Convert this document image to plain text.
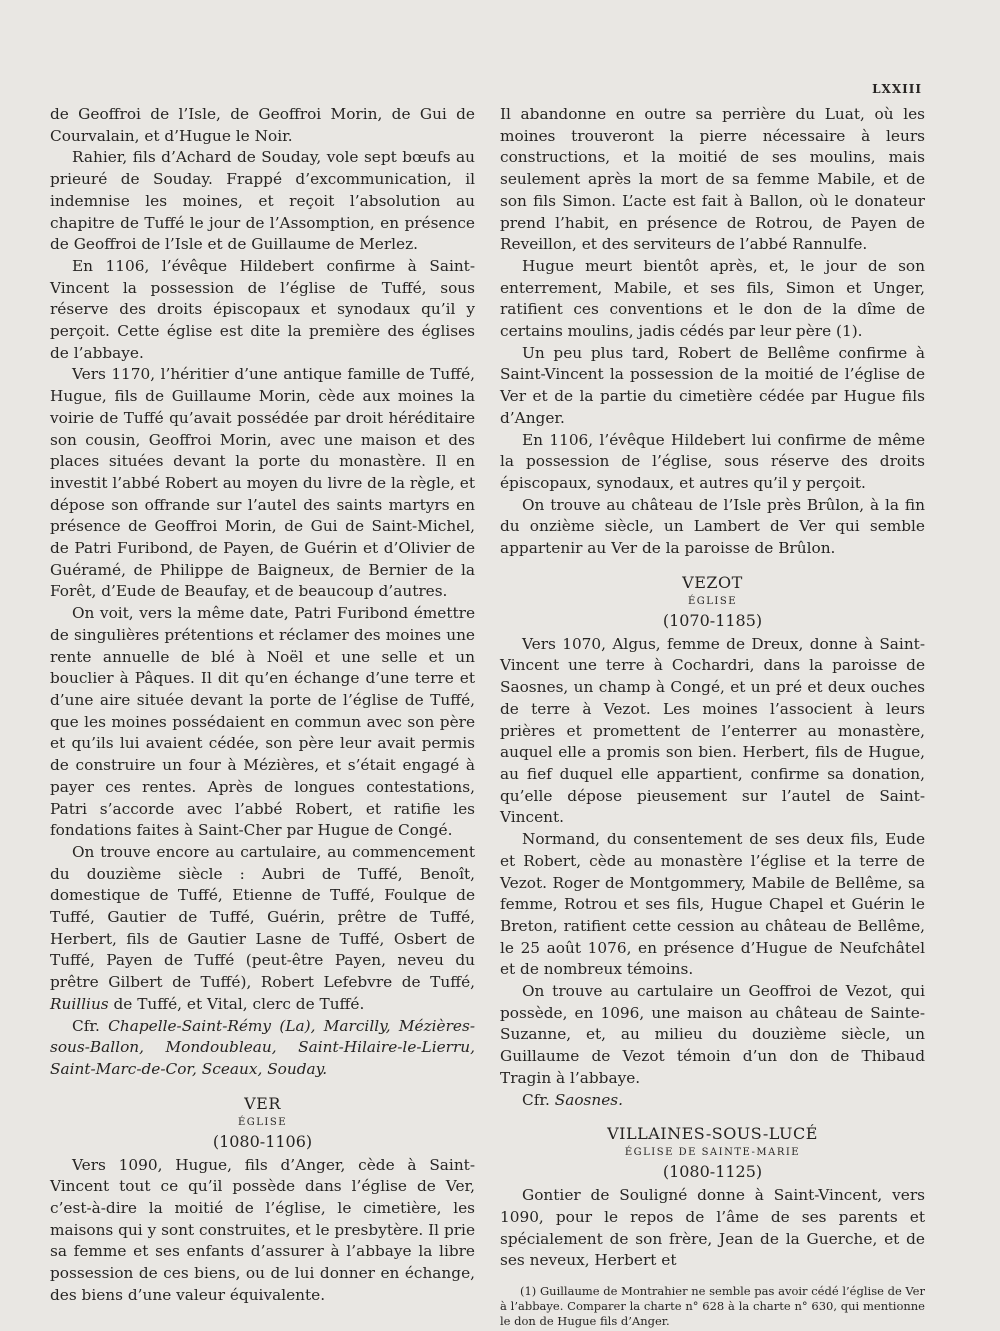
LXXIII

de Geoffroi de l’Isle, de Geoffroi Morin, de Gui de Courvalain, et d’Hugue le Noir.

Rahier, fils d’Achard de Souday, vole sept bœufs au prieuré de Souday. Frappé d’excommunication, il indemnise les moines, et reçoit l’absolution au chapitre de Tuffé le jour de l’Assomption, en présence de Geoffroi de l’Isle et de Guillaume de Merlez.

En 1106, l’évêque Hildebert confirme à Saint-Vincent la possession de l’église de Tuffé, sous réserve des droits épiscopaux et synodaux qu’il y perçoit. Cette église est dite la première des églises de l’abbaye.

Vers 1170, l’héritier d’une antique famille de Tuffé, Hugue, fils de Guillaume Morin, cède aux moines la voirie de Tuffé qu’avait possédée par droit héréditaire son cousin, Geoffroi Morin, avec une maison et des places situées devant la porte du monastère. Il en investit l’abbé Robert au moyen du livre de la règle, et dépose son offrande sur l’autel des saints martyrs en présence de Geoffroi Morin, de Gui de Saint-Michel, de Patri Furibond, de Payen, de Guérin et d’Olivier de Guéramé, de Philippe de Baigneux, de Bernier de la Forêt, d’Eude de Beaufay, et de beaucoup d’autres.

On voit, vers la même date, Patri Furibond émettre de singulières prétentions et réclamer des moines une rente annuelle de blé à Noël et une selle et un bouclier à Pâques. Il dit qu’en échange d’une terre et d’une aire située devant la porte de l’église de Tuffé, que les moines possédaient en commun avec son père et qu’ils lui avaient cédée, son père leur avait permis de construire un four à Mézières, et s’était engagé à payer ces rentes. Après de longues contestations, Patri s’accorde avec l’abbé Robert, et ratifie les fondations faites à Saint-Cher par Hugue de Congé.

On trouve encore au cartulaire, au commencement du douzième siècle : Aubri de Tuffé, Benoît, domestique de Tuffé, Etienne de Tuffé, Foulque de Tuffé, Gautier de Tuffé, Guérin, prêtre de Tuffé, Herbert, fils de Gautier Lasne de Tuffé, Osbert de Tuffé, Payen de Tuffé (peut-être Payen, neveu du prêtre Gilbert de Tuffé), Robert Lefebvre de Tuffé, Ruillius de Tuffé, et Vital, clerc de Tuffé.

Cfr. Chapelle-Saint-Rémy (La), Marcilly, Mézières-sous-Ballon, Mondoubleau, Saint-Hilaire-le-Lierru, Saint-Marc-de-Cor, Sceaux, Souday.

VER
ÉGLISE
(1080-1106)

Vers 1090, Hugue, fils d’Anger, cède à Saint-Vincent tout ce qu’il possède dans l’église de Ver, c’est-à-dire la moitié de l’église, le cimetière, les maisons qui y sont construites, et le presbytère. Il prie sa femme et ses enfants d’assurer à l’abbaye la libre possession de ces biens, ou de lui donner en échange, des biens d’une valeur équivalente.

Il abandonne en outre sa perrière du Luat, où les moines trouveront la pierre nécessaire à leurs constructions, et la moitié de ses moulins, mais seulement après la mort de sa femme Mabile, et de son fils Simon. L’acte est fait à Ballon, où le donateur prend l’habit, en présence de Rotrou, de Payen de Reveillon, et des serviteurs de l’abbé Rannulfe.

Hugue meurt bientôt après, et, le jour de son enterrement, Mabile, et ses fils, Simon et Unger, ratifient ces conventions et le don de la dîme de certains moulins, jadis cédés par leur père (1).

Un peu plus tard, Robert de Bellême confirme à Saint-Vincent la possession de la moitié de l’église de Ver et de la partie du cimetière cédée par Hugue fils d’Anger.

En 1106, l’évêque Hildebert lui confirme de même la possession de l’église, sous réserve des droits épiscopaux, synodaux, et autres qu’il y perçoit.

On trouve au château de l’Isle près Brûlon, à la fin du onzième siècle, un Lambert de Ver qui semble appartenir au Ver de la paroisse de Brûlon.

VEZOT
ÉGLISE
(1070-1185)

Vers 1070, Algus, femme de Dreux, donne à Saint-Vincent une terre à Cochardri, dans la paroisse de Saosnes, un champ à Congé, et un pré et deux ouches de terre à Vezot. Les moines l’associent à leurs prières et promettent de l’enterrer au monastère, auquel elle a promis son bien. Herbert, fils de Hugue, au fief duquel elle appartient, confirme sa donation, qu’elle dépose pieusement sur l’autel de Saint-Vincent.

Normand, du consentement de ses deux fils, Eude et Robert, cède au monastère l’église et la terre de Vezot. Roger de Montgommery, Mabile de Bellême, sa femme, Rotrou et ses fils, Hugue Chapel et Guérin le Breton, ratifient cette cession au château de Bellême, le 25 août 1076, en présence d’Hugue de Neufchâtel et de nombreux témoins.

On trouve au cartulaire un Geoffroi de Vezot, qui possède, en 1096, une maison au château de Sainte-Suzanne, et, au milieu du douzième siècle, un Guillaume de Vezot témoin d’un don de Thibaud Tragin à l’abbaye.

Cfr. Saosnes.

VILLAINES-SOUS-LUCÉ
ÉGLISE DE SAINTE-MARIE
(1080-1125)

Gontier de Souligné donne à Saint-Vincent, vers 1090, pour le repos de l’âme de ses parents et spécialement de son frère, Jean de la Guerche, et de ses neveux, Herbert et

(1) Guillaume de Montrahier ne semble pas avoir cédé l’église de Ver à l’abbaye. Comparer la charte n° 628 à la charte n° 630, qui mentionne le don de Hugue fils d’Anger.
